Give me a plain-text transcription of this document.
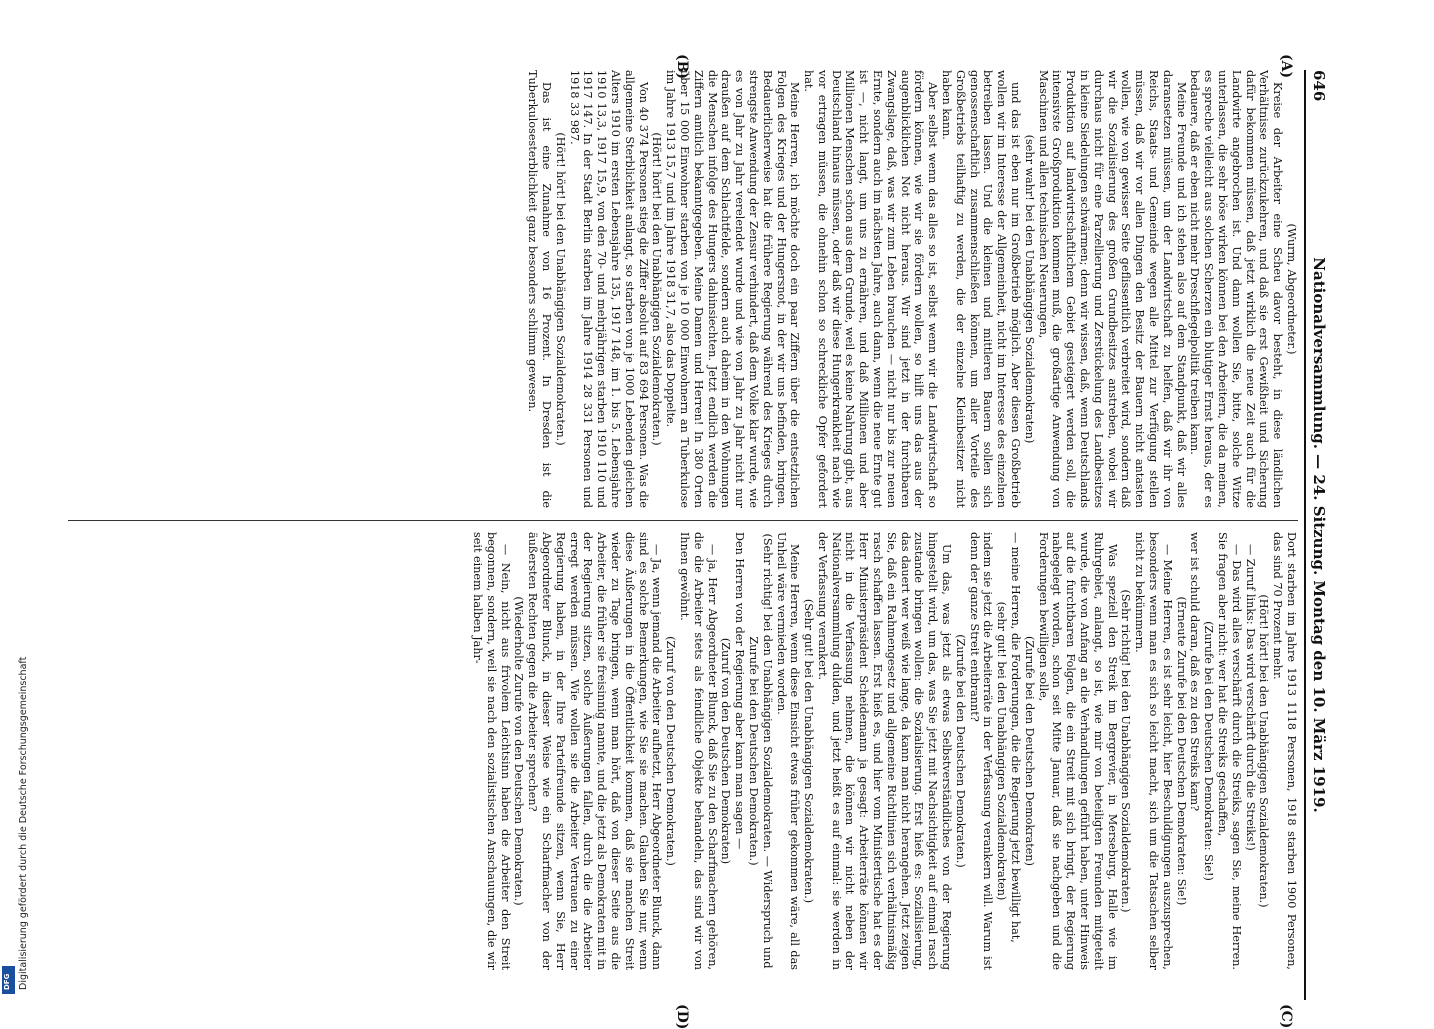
Digitalisierung gefördert durch die Deutsche Forschungsgemeinschaft
DFG
646
Nationalversammlung. — 24. Sitzung. Montag den 10. März 1919.
(A)
(B)
(C)
(D)

(Wurm, Abgeordneter.)

Kreise der Arbeiter eine Scheu davor besteht, in diese ländlichen Verhältnisse zurückzukehren, und daß sie erst Gewißheit und Sicherung dafür bekommen müssen, daß jetzt wirklich die neue Zeit auch für die Landwirte angebrochen ist. Und dann wollen Sie, bitte, solche Witze unterlassen, die sehr böse wirken können bei den Arbeitern, die da meinen, es spreche vielleicht aus solchen Scherzen ein blutiger Ernst heraus, der es bedauere, daß er eben nicht mehr Dreschflegelpolitik treiben kann.

Meine Freunde und ich stehen also auf dem Standpunkt, daß wir alles daransetzen müssen, um der Landwirtschaft zu helfen, daß wir ihr von Reichs, Staats- und Gemeinde wegen alle Mittel zur Verfügung stellen müssen, daß wir vor allen Dingen den Besitz der Bauern nicht antasten wollen, wie von gewisser Seite geflissentlich verbreitet wird, sondern daß wir die Sozialisierung des großen Grundbesitzes anstreben, wobei wir durchaus nicht für eine Parzellierung und Zerstückelung des Landbesitzes in kleine Siedelungen schwärmen; denn wir wissen, daß, wenn Deutschlands Produktion auf landwirtschaftlichem Gebiet gesteigert werden soll, die intensivste Großproduktion kommen muß, die großartige Anwendung von Maschinen und allen technischen Neuerungen,

(sehr wahr! bei den Unabhängigen Sozialdemokraten)

und das ist eben nur im Großbetrieb möglich. Aber diesen Großbetrieb wollen wir im Interesse der Allgemeinheit, nicht im Interesse des einzelnen betreiben lassen. Und die kleinen und mittleren Bauern sollen sich genossenschaftlich zusammenschließen können, um aller Vorteile des Großbetriebs teilhaftig zu werden, die der einzelne Kleinbesitzer nicht haben kann.

Aber selbst wenn das alles so ist, selbst wenn wir die Landwirtschaft so fördern können, wie wir sie fördern wollen, so hilft uns das aus der augenblicklichen Not nicht heraus. Wir sind jetzt in der furchtbaren Zwangslage, daß, was wir zum Leben brauchen — nicht nur bis zur neuen Ernte, sondern auch im nächsten Jahre, auch dann, wenn die neue Ernte gut ist —, nicht langt, um uns zu ernähren, und daß Millionen und aber Millionen Menschen schon aus dem Grunde, weil es keine Nahrung gibt, aus Deutschland hinaus müssen, oder daß wir diese Hungerkrankheit nach wie vor ertragen müssen, die ohnehin schon so schreckliche Opfer gefordert hat.

Meine Herren, ich möchte doch ein paar Ziffern über die entsetzlichen Folgen des Krieges und der Hungersnot, in der wir uns befinden, bringen. Bedauerlicherweise hat die frühere Regierung während des Krieges durch strengste Anwendung der Zensur verhindert, daß dem Volke klar wurde, wie es von Jahr zu Jahr verelendet wurde und wie von Jahr zu Jahr nicht nur draußen auf dem Schlachtfelde, sondern auch daheim in den Wohnungen die Menschen infolge des Hungers dahinsiechten. Jetzt endlich werden die Ziffern amtlich bekanntgegeben. Meine Damen und Herren! In 380 Orten über 15 000 Einwohner starben von je 10 000 Einwohnern an Tuberkulose im Jahre 1913 15,7 und im Jahre 1918 31,7, also das Doppelte.

(Hört! hört! bei den Unabhängigen Sozialdemokraten.)

Von 40 374 Personen stieg die Ziffer absolut auf 83 694 Personen. Was die allgemeine Sterblichkeit anlangt, so starben von je 1000 Lebenden gleichen Alters 1910 im ersten Lebensjahre 135, 1917 148, im 1. bis 5. Lebensjahre 1910 13,3, 1917 15,9, von den 70- und mehrjährigen starben 1910 110 und 1917 147. In der Stadt Berlin starben im Jahre 1914 28 331 Personen und 1918 33 987.

(Hört! hört! bei den Unabhängigen Sozialdemokraten.)

Das ist eine Zunahme von 16 Prozent. In Dresden ist die Tuberkulosesterblichkeit ganz besonders schlimm gewesen.

Dort starben im Jahre 1913 1118 Personen, 1918 starben 1900 Personen, das sind 70 Prozent mehr.

(Hört! hört! bei den Unabhängigen Sozialdemokraten.)

— Zuruf links: Das wird verschärft durch die Streiks!)

— Das wird alles verschärft durch die Streiks, sagen Sie, meine Herren. Sie fragen aber nicht: wer hat die Streiks geschaffen,

(Zurufe bei den Deutschen Demokraten: Sie!)

wer ist schuld daran, daß es zu den Streiks kam?

(Erneute Zurufe bei den Deutschen Demokraten: Sie!)

— Meine Herren, es ist sehr leicht, hier Beschuldigungen auszusprechen, besonders wenn man es sich so leicht macht, sich um die Tatsachen selber nicht zu bekümmern.

(Sehr richtig! bei den Unabhängigen Sozialdemokraten.)

Was speziell den Streik im Bergrevier, in Merseburg, Halle wie im Ruhrgebiet, anlangt, so ist, wie mir von beteiligten Freunden mitgeteilt wurde, die von Anfang an die Verhandlungen geführt haben, unter Hinweis auf die furchtbaren Folgen, die ein Streit mit sich bringt, der Regierung nahegelegt worden, schon seit Mitte Januar, daß sie nachgeben und die Forderungen bewilligen solle,

(Zurufe bei den Deutschen Demokraten)

— meine Herren, die Forderungen, die die Regierung jetzt bewilligt hat,

(sehr gut! bei den Unabhängigen Sozialdemokraten)

indem sie jetzt die Arbeiterräte in der Verfassung verankern will. Warum ist denn der ganze Streit entbrannt?

(Zurufe bei den Deutschen Demokraten.)

Um das, was jetzt als etwas Selbstverständliches von der Regierung hingestellt wird, um das, was Sie jetzt mit Nachsichtigkeit auf einmal rasch zustande bringen wollen: die Sozialisierung. Erst hieß es: Sozialisierung, das dauert wer weiß wie lange, da kann man nicht herangehen. Jetzt zeigen Sie, daß ein Rahmengesetz und allgemeine Richtlinien sich verhältnismäßig rasch schaffen lassen. Erst hieß es, und hier vom Ministertische hat es der Herr Ministerpräsident Scheidemann ja gesagt: Arbeiterräte können wir nicht in die Verfassung nehmen, die können wir nicht neben der Nationalversammlung dulden, und jetzt heißt es auf einmal: sie werden in der Verfassung verankert.

(Sehr gut! bei den Unabhängigen Sozialdemokraten.)

Meine Herren, wenn diese Einsicht etwas früher gekommen wäre, all das Unheil wäre vermieden worden.

(Sehr richtig! bei den Unabhängigen Sozialdemokraten. — Widerspruch und Zurufe bei den Deutschen Demokraten.)

Den Herren von der Regierung aber kann man sagen —

(Zuruf von den Deutschen Demokraten)

— ja, Herr Abgeordneter Blunck, daß Sie zu den Scharfmachern gehören, die die Arbeiter stets als feindliche Objekte behandeln, das sind wir von Ihnen gewöhnt.

(Zuruf von den Deutschen Demokraten.)

— Ja, wenn jemand die Arbeiter aufhetzt, Herr Abgeordneter Blunck, dann sind es solche Bemerkungen, wie Sie sie machen. Glauben Sie nur, wenn diese Äußerungen in die Öffentlichkeit kommen, daß sie manchen Streit wieder zu Tage bringen, wenn man hört, daß von dieser Seite aus die Arbeiter, die früher sie freisinnig nannte, und die jetzt als Demokraten mit in der Regierung sitzen, solche Äußerungen fallen, durch die die Arbeiter erregt werden müssen. Wie wollen sie die Arbeiter Vertrauen zu einer Regierung haben, in der Ihre Parteifreunde sitzen, wenn Sie, Herr Abgeordneter Blunck, in dieser Weise wie ein Scharfmacher von der äußersten Rechten gegen die Arbeiter sprechen?

(Wiederholte Zurufe von den Deutschen Demokraten.)

— Nein, nicht aus frivolem Leichtsinn haben die Arbeiter den Streit begonnen, sondern, weil sie nach den sozialistischen Anschauungen, die wir seit einem halben Jahr-
